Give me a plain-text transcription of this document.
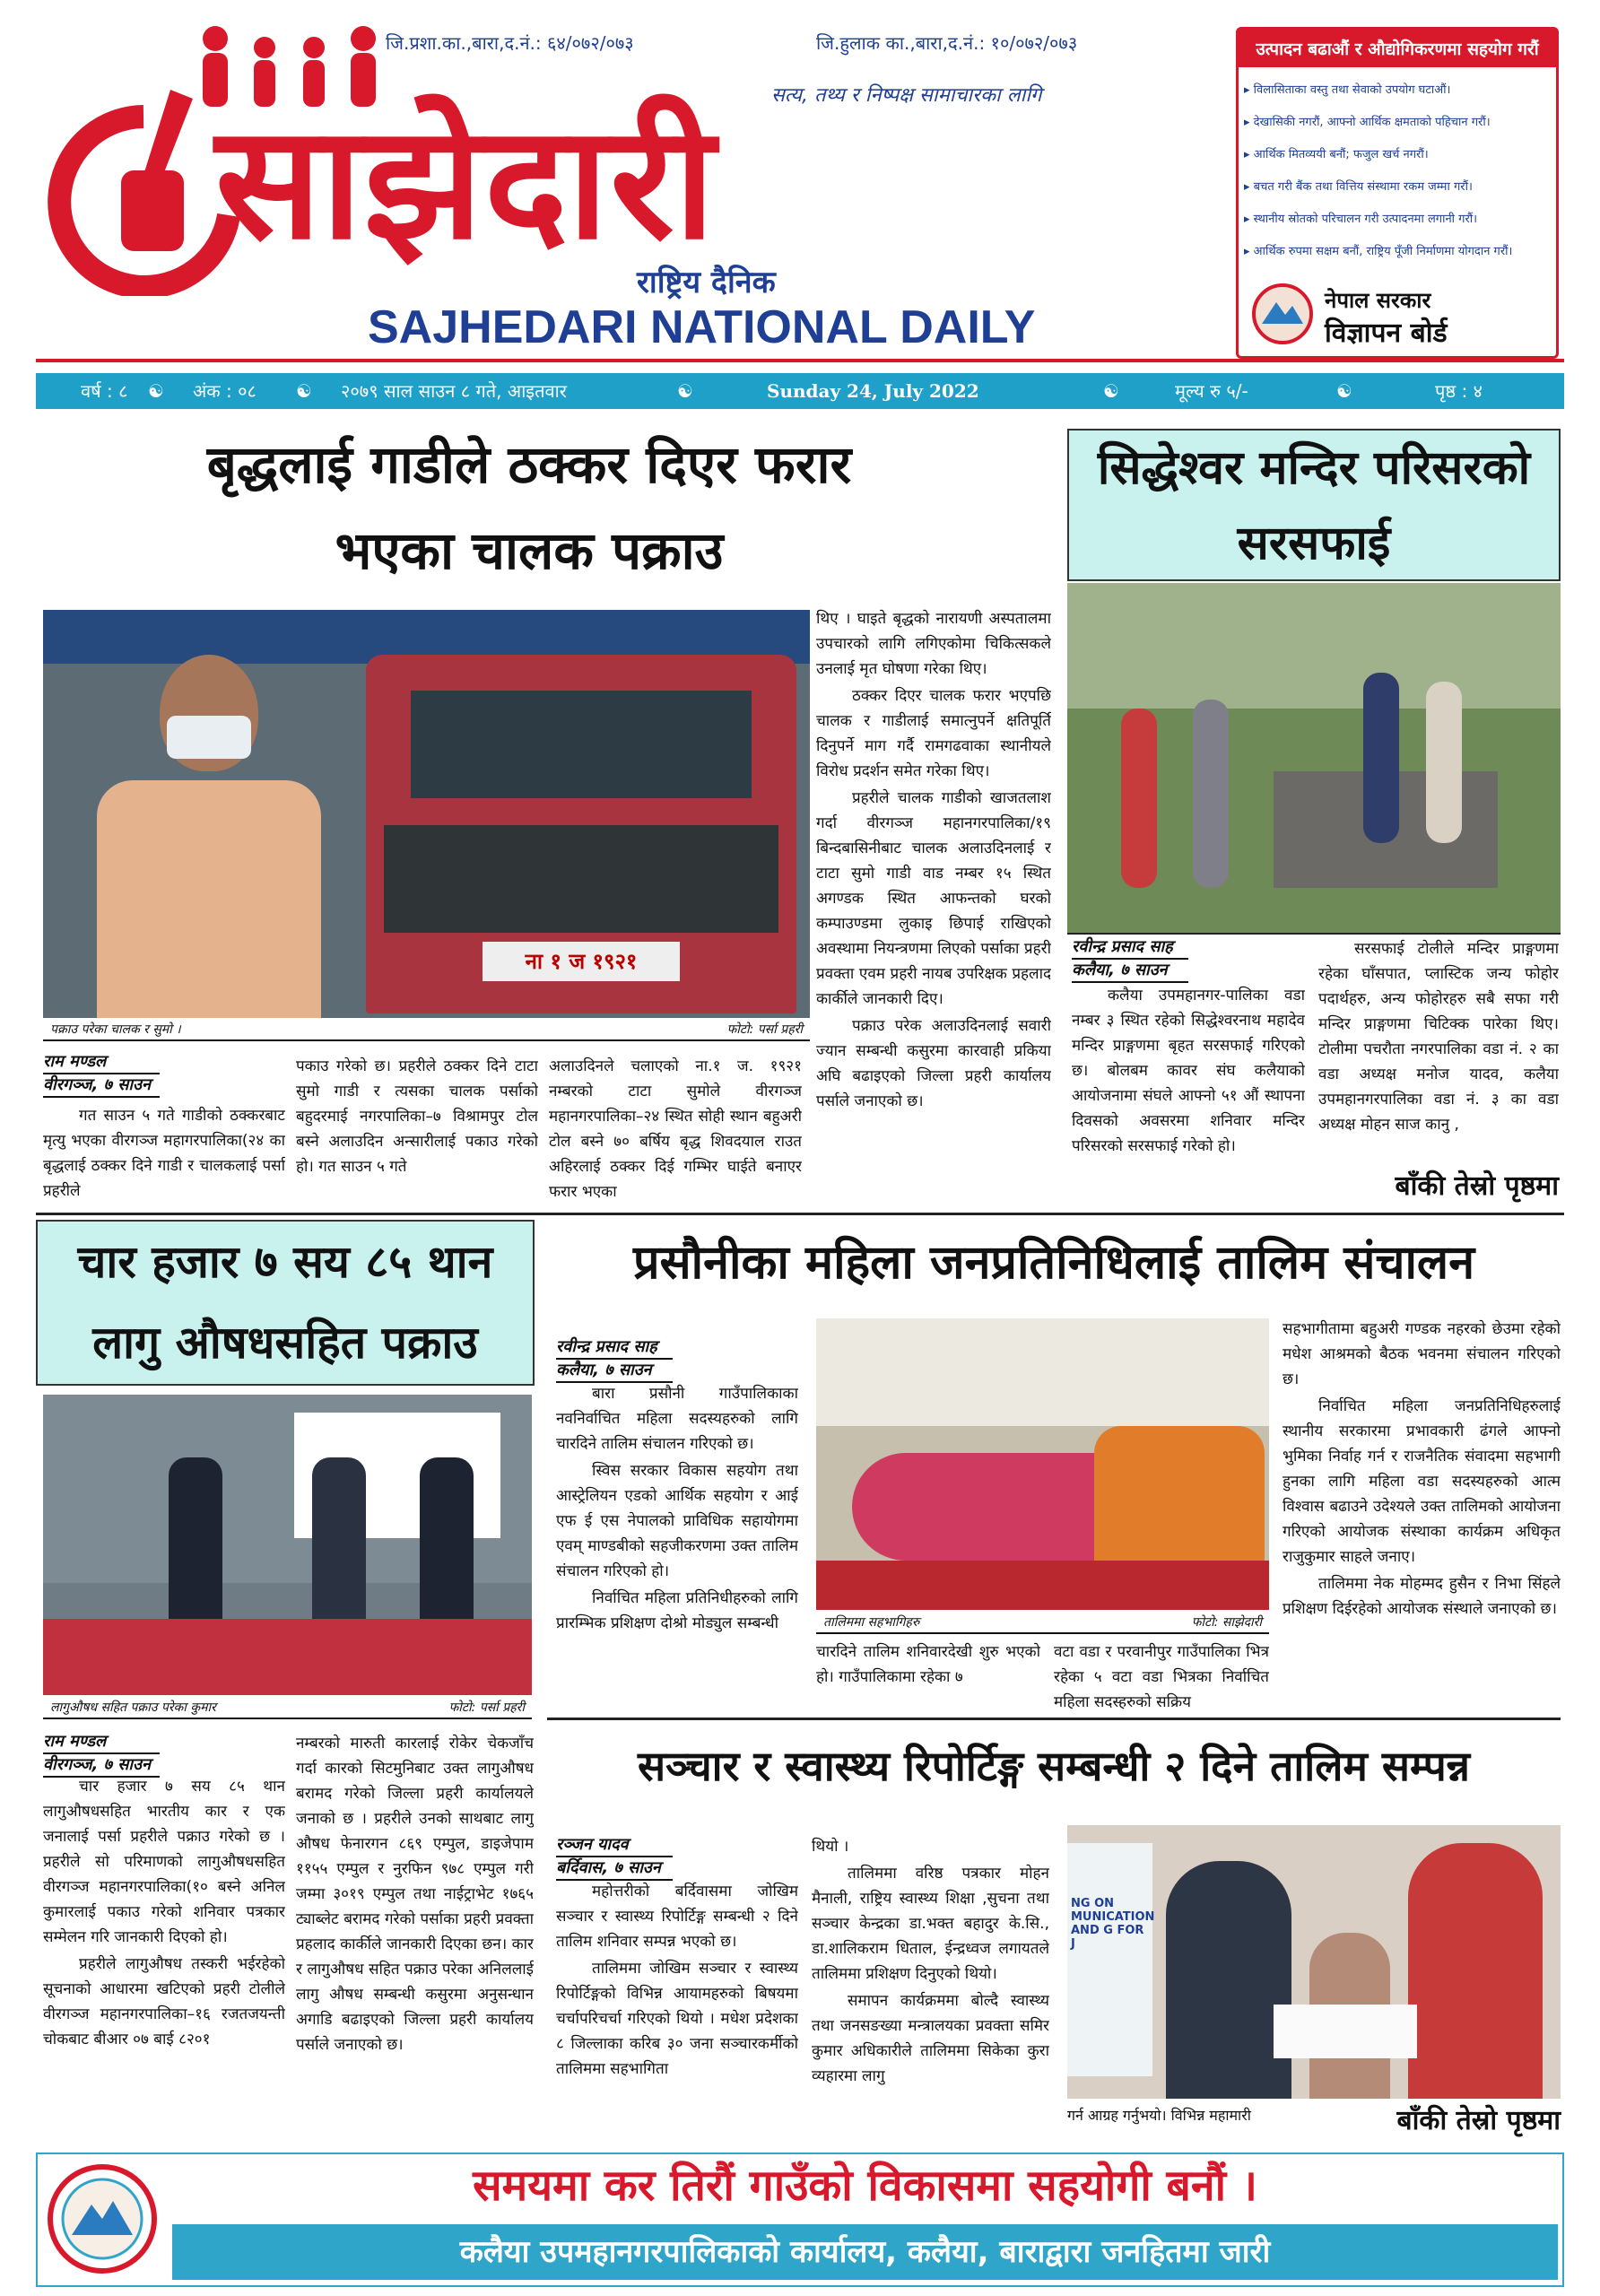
जि.प्रशा.का.,बारा,द.नं.: ६४/०७२/०७३	जि.हुलाक का.,बारा,द.नं.: १०/०७२/०७३
सत्य, तथ्य र निष्पक्ष सामाचारका लागि
साझेदारी
राष्ट्रिय दैनिक
SAJHEDARI NATIONAL DAILY
उत्पादन बढाऔं र औद्योगिकरणमा सहयोग गरौं
▸ विलासिताका वस्तु तथा सेवाको उपयोग घटाऔं।
▸ देखासिकी नगरौं, आफ्नो आर्थिक क्षमताको पहिचान गरौं।
▸ आर्थिक मितव्ययी बनौं; फजुल खर्च नगरौं।
▸ बचत गरी बैंक तथा वित्तिय संस्थामा रकम जम्मा गरौं।
▸ स्थानीय स्रोतको परिचालन गरी उत्पादनमा लगानी गरौं।
▸ आर्थिक रुपमा सक्षम बनौं, राष्ट्रिय पूँजी निर्माणमा योगदान गरौं।
नेपाल सरकार
विज्ञापन बोर्ड
वर्ष : ८ ☯ अंक : ०८ ☯ २०७९ साल साउन ८ गते, आइतवार	☯	Sunday 24, July 2022	☯	मूल्य रु ५/-	☯	पृष्ठ : ४
बृद्धलाई गाडीले ठक्कर दिएर फरार
भएका चालक पक्राउ
ना १ ज १९२१
पक्राउ परेका चालक र सुमो ।	फोटो: पर्सा प्रहरी
राम मण्डल
वीरगञ्ज, ७ साउन

गत साउन ५ गते गाडीको ठक्करबाट मृत्यु भएका वीरगञ्ज महागरपालिका(२४ का बृद्धलाई ठक्कर दिने गाडी र चालकलाई पर्सा प्रहरीले

पकाउ गरेको छ। प्रहरीले ठक्कर दिने टाटा सुमो गाडी र त्यसका चालक पर्साको बहुदरमाई नगरपालिका–७ विश्रामपुर टोल बस्ने अलाउदिन अन्सारीलाई पकाउ गरेको हो। गत साउन ५ गते

अलाउदिनले चलाएको ना.१ ज. १९२१ नम्बरको टाटा सुमोले वीरगञ्ज महानगरपालिका–२४ स्थित सोही स्थान बहुअरी टोल बस्ने ७० बर्षिय बृद्ध शिवदयाल राउत अहिरलाई ठक्कर दिई गम्भिर घाईते बनाएर फरार भएका

थिए । घाइते बृद्धको नारायणी अस्पतालमा उपचारको लागि लगिएकोमा चिकित्सकले उनलाई मृत घोषणा गरेका थिए।

ठक्कर दिएर चालक फरार भएपछि चालक र गाडीलाई समात्नुपर्ने क्षतिपूर्ति दिनुपर्ने माग गर्दै रामगढवाका स्थानीयले विरोध प्रदर्शन समेत गरेका थिए।

प्रहरीले चालक गाडीको खाजतलाश गर्दा वीरगञ्ज महानगरपालिका/१९ बिन्दबासिनीबाट चालक अलाउदिनलाई र टाटा सुमो गाडी वाड नम्बर १५ स्थित अगण्डक स्थित आफन्तको घरको कम्पाउण्डमा लुकाइ छिपाई राखिएको अवस्थामा नियन्त्रणमा लिएको पर्साका प्रहरी प्रवक्ता एवम प्रहरी नायब उपरिक्षक प्रहलाद कार्कीले जानकारी दिए।

पक्राउ परेक अलाउदिनलाई सवारी ज्यान सम्बन्धी कसुरमा कारवाही प्रकिया अघि बढाइएको जिल्ला प्रहरी कार्यालय पर्साले जनाएको छ।

सिद्धेश्वर मन्दिर परिसरको
सरसफाई
रवीन्द्र प्रसाद साह
कलैया, ७ साउन

कलैया उपमहानगर-पालिका वडा नम्बर ३ स्थित रहेको सिद्धेश्वरनाथ महादेव मन्दिर प्राङ्गणमा बृहत सरसफाई गरिएको छ। बोलबम कावर संघ कलैयाको आयोजनामा संघले आफ्नो ५१ औं स्थापना दिवसको अवसरमा शनिवार मन्दिर परिसरको सरसफाई गरेको हो।

सरसफाई टोलीले मन्दिर प्राङ्गणमा रहेका घाँसपात, प्लास्टिक जन्य फोहोर पदार्थहरु, अन्य फोहोरहरु सबै सफा गरी मन्दिर प्राङ्गणमा चिटिक्क पारेका थिए। टोलीमा पचरौता नगरपालिका वडा नं. २ का वडा अध्यक्ष मनोज यादव, कलैया उपमहानगरपालिका वडा नं. ३ का वडा अध्यक्ष मोहन साज कानु ,

बाँकी तेस्रो पृष्ठमा
चार हजार ७ सय ८५ थान
लागु औषधसहित पक्राउ
लागुऔषध सहित पक्राउ परेका कुमार	फोटो: पर्सा प्रहरी
राम मण्डल
वीरगञ्ज, ७ साउन

चार हजार ७ सय ८५ थान लागुऔषधसहित भारतीय कार र एक जनालाई पर्सा प्रहरीले पक्राउ गरेको छ । प्रहरीले सो परिमाणको लागुऔषधसहित वीरगञ्ज महानगरपालिका(१० बस्ने अनिल कुमारलाई पकाउ गरेको शनिवार पत्रकार सम्मेलन गरि जानकारी दिएको हो।

प्रहरीले लागुऔषध तस्करी भईरहेको सूचनाको आधारमा खटिएको प्रहरी टोलीले वीरगञ्ज महानगरपालिका–१६ रजतजयन्ती चोकबाट बीआर ०७ बाई ८२०१

नम्बरको मारुती कारलाई रोकेर चेकजाँच गर्दा कारको सिटमुनिबाट उक्त लागुऔषध बरामद गरेको जिल्ला प्रहरी कार्यालयले जनाको छ । प्रहरीले उनको साथबाट लागु औषध फेनारगन ८६९ एम्पुल, डाइजेपाम ११५५ एम्पुल र नुरफिन ९७८ एम्पुल गरी जम्मा ३०१९ एम्पुल तथा नाईट्राभेट १७६५ ट्याब्लेट बरामद गरेको पर्साका प्रहरी प्रवक्ता प्रहलाद कार्कीले जानकारी दिएका छन। कार र लागुऔषध सहित पक्राउ परेका अनिललाई लागु औषध सम्बन्धी कसुरमा अनुसन्धान अगाडि बढाइएको जिल्ला प्रहरी कार्यालय पर्साले जनाएको छ।

प्रसौनीका महिला जनप्रतिनिधिलाई तालिम संचालन
रवीन्द्र प्रसाद साह
कलैया, ७ साउन

बारा प्रसौनी गाउँपालिकाका नवनिर्वाचित महिला सदस्यहरुको लागि चारदिने तालिम संचालन गरिएको छ।

स्विस सरकार विकास सहयोग तथा आस्ट्रेलियन एडको आर्थिक सहयोग र आई एफ ई एस नेपालको प्राविधिक सहायोगमा एवम् माण्डबीको सहजीकरणमा उक्त तालिम संचालन गरिएको हो।

निर्वाचित महिला प्रतिनिधीहरुको लागि प्रारम्भिक प्रशिक्षण दोश्रो मोड्युल सम्बन्धी	तालिममा सहभागिहरु	फोटो: साझेदारी

चारदिने तालिम शनिवारदेखी शुरु भएको हो। गाउँपालिकामा रहेका ७

वटा वडा र परवानीपुर गाउँपालिका भित्र रहेका ५ वटा वडा भित्रका निर्वाचित महिला सदस्हरुको सक्रिय

सहभागीतामा बहुअरी गण्डक नहरको छेउमा रहेको मधेश आश्रमको बैठक भवनमा संचालन गरिएको छ।

निर्वाचित महिला जनप्रतिनिधिहरुलाई स्थानीय सरकारमा प्रभावकारी ढंगले आफ्नो भुमिका निर्वाह गर्न र राजनैतिक संवादमा सहभागी हुनका लागि महिला वडा सदस्यहरुको आत्म विश्वास बढाउने उदेश्यले उक्त तालिमको आयोजना गरिएको आयोजक संस्थाका कार्यक्रम अधिकृत राजुकुमार साहले जनाए।

तालिममा नेक मोहम्मद हुसैन र निभा सिंहले प्रशिक्षण दिईरहेको आयोजक संस्थाले जनाएको छ।

सञ्चार र स्वास्थ्य रिपोर्टिङ्ग सम्बन्धी २ दिने तालिम सम्पन्न
रञ्जन यादव
बर्दिवास, ७ साउन

महोत्तरीको बर्दिवासमा जोखिम सञ्चार र स्वास्थ्य रिपोर्टिङ्ग सम्बन्धी २ दिने तालिम शनिवार सम्पन्न भएको छ।

तालिममा जोखिम सञ्चार र स्वास्थ्य रिपोर्टिङ्गको विभिन्न आयामहरुको बिषयमा चर्चापरिचर्चा गरिएको थियो । मधेश प्रदेशका ८ जिल्लाका करिब ३० जना सञ्चारकर्मीको तालिममा सहभागिता

थियो ।

तालिममा वरिष्ठ पत्रकार मोहन मैनाली, राष्ट्रिय स्वास्थ्य शिक्षा ,सुचना तथा सञ्चार केन्द्रका डा.भक्त बहादुर के.सि., डा.शालिकराम धिताल, ईन्द्रध्वज लगायतले तालिममा प्रशिक्षण दिनुएको थियो।

समापन कार्यक्रममा बोल्दै स्वास्थ्य तथा जनसङख्या मन्त्रालयका प्रवक्ता समिर कुमार अधिकारीले तालिममा सिकेका कुरा व्यहारमा लागु

NG ON MUNICATION AND G FOR J

गर्न आग्रह गर्नुभयो। विभिन्न महामारी	बाँकी तेस्रो पृष्ठमा
समयमा कर तिरौं गाउँको विकासमा सहयोगी बनौं ।
कलैया उपमहानगरपालिकाको कार्यालय, कलैया, बाराद्वारा जनहितमा जारी
